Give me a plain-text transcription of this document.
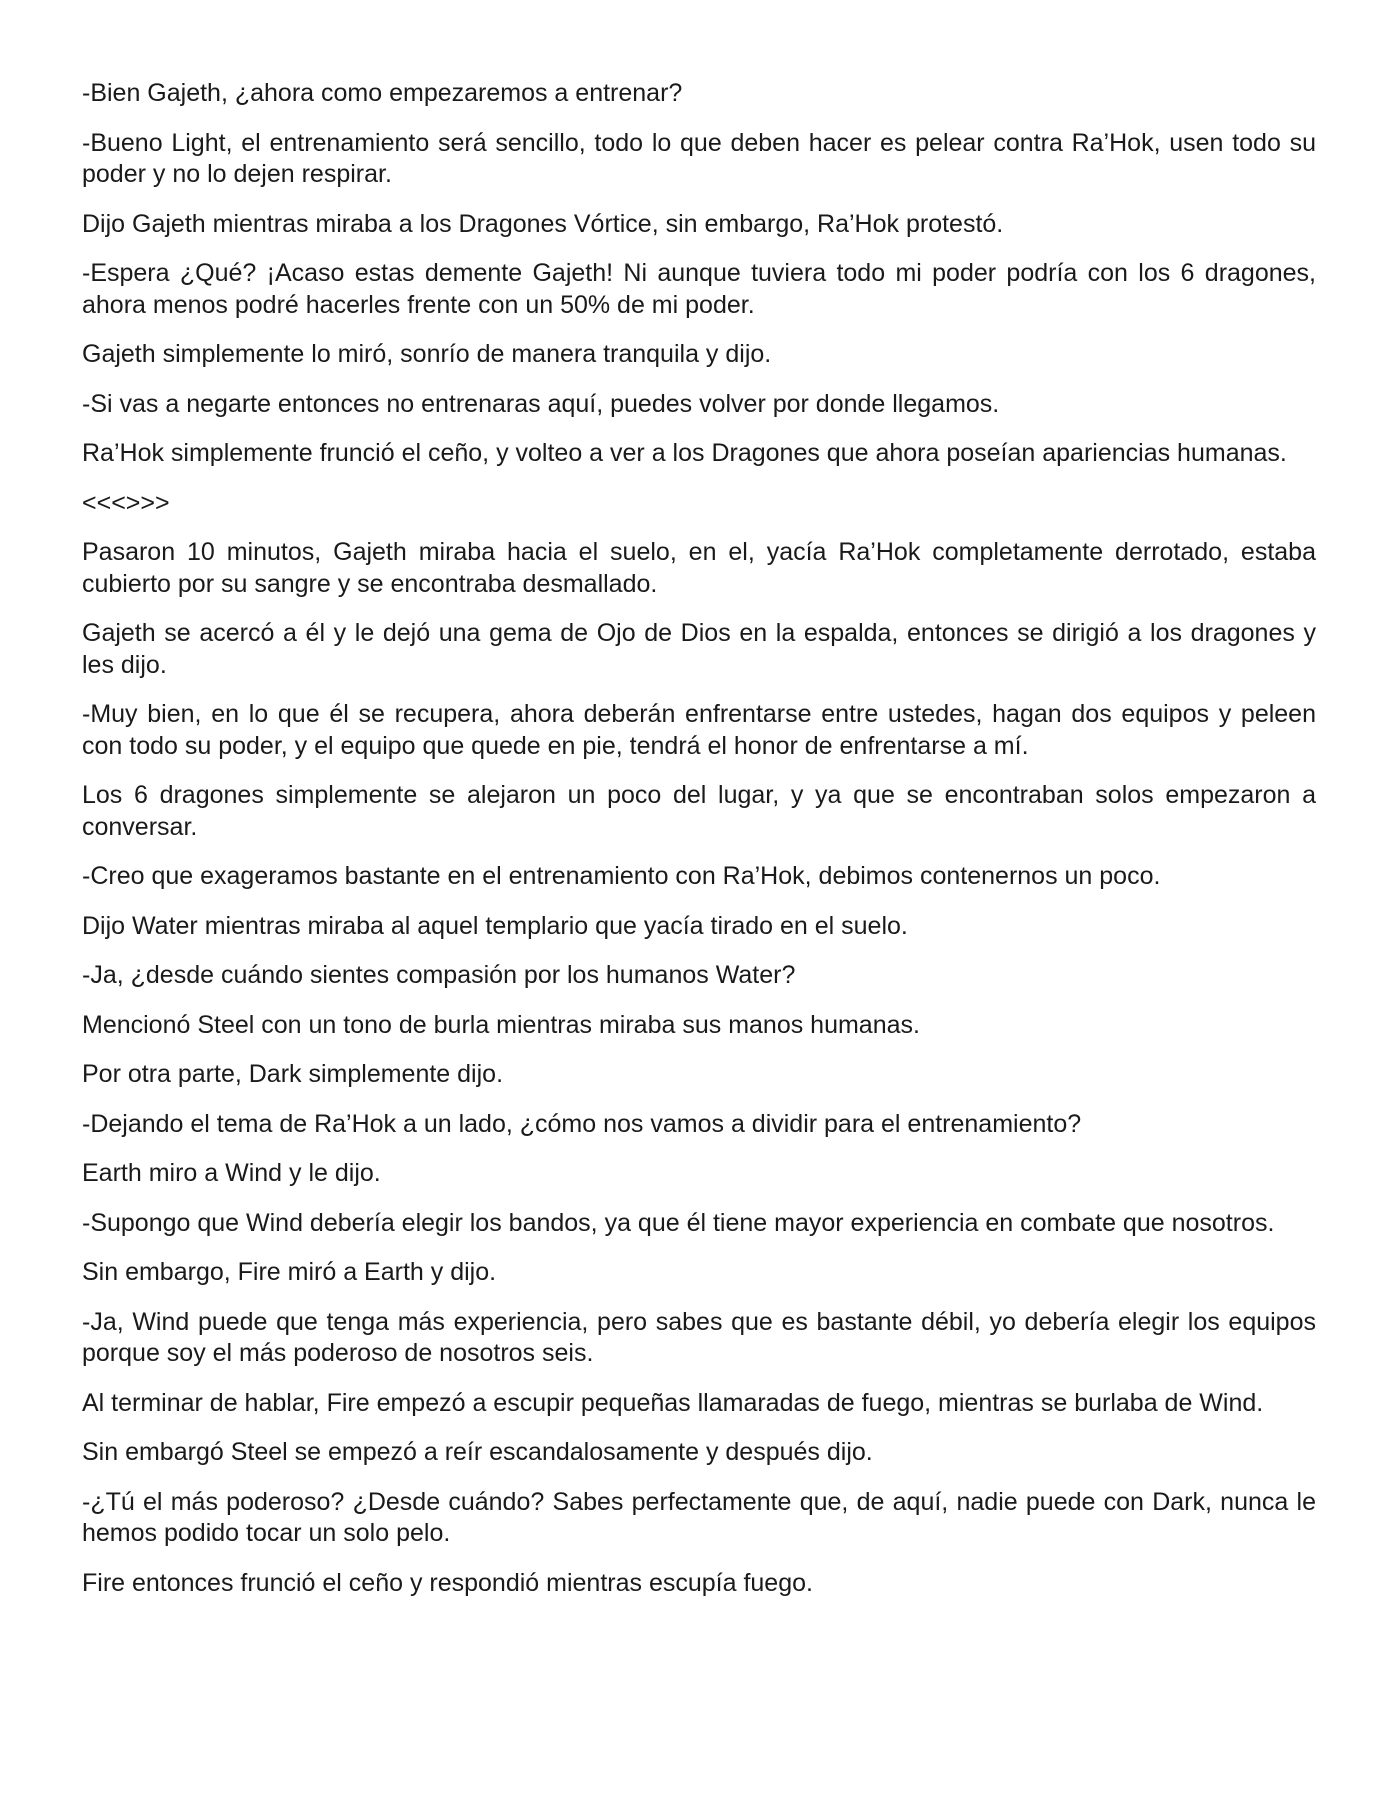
-Bien Gajeth, ¿ahora como empezaremos a entrenar?

-Bueno Light, el entrenamiento será sencillo, todo lo que deben hacer es pelear contra Ra’Hok, usen todo su poder y no lo dejen respirar.

Dijo Gajeth mientras miraba a los Dragones Vórtice, sin embargo, Ra’Hok protestó.

-Espera ¿Qué? ¡Acaso estas demente Gajeth! Ni aunque tuviera todo mi poder podría con los 6 dragones, ahora menos podré hacerles frente con un 50% de mi poder.

Gajeth simplemente lo miró, sonrío de manera tranquila y dijo.

-Si vas a negarte entonces no entrenaras aquí, puedes volver por donde llegamos.

Ra’Hok simplemente frunció el ceño, y volteo a ver a los Dragones que ahora poseían apariencias humanas.

<<<>>>

Pasaron 10 minutos, Gajeth miraba hacia el suelo, en el, yacía Ra’Hok completamente derrotado, estaba cubierto por su sangre y se encontraba desmallado.

Gajeth se acercó a él y le dejó una gema de Ojo de Dios en la espalda, entonces se dirigió a los dragones y les dijo.

-Muy bien, en lo que él se recupera, ahora deberán enfrentarse entre ustedes, hagan dos equipos y peleen con todo su poder, y el equipo que quede en pie, tendrá el honor de enfrentarse a mí.

Los 6 dragones simplemente se alejaron un poco del lugar, y ya que se encontraban solos empezaron a conversar.

-Creo que exageramos bastante en el entrenamiento con Ra’Hok, debimos contenernos un poco.

Dijo Water mientras miraba al aquel templario que yacía tirado en el suelo.

-Ja, ¿desde cuándo sientes compasión por los humanos Water?

Mencionó Steel con un tono de burla mientras miraba sus manos humanas.

Por otra parte, Dark simplemente dijo.

-Dejando el tema de Ra’Hok a un lado, ¿cómo nos vamos a dividir para el entrenamiento?

Earth miro a Wind y le dijo.

-Supongo que Wind debería elegir los bandos, ya que él tiene mayor experiencia en combate que nosotros.

Sin embargo, Fire miró a Earth y dijo.

-Ja, Wind puede que tenga más experiencia, pero sabes que es bastante débil, yo debería elegir los equipos porque soy el más poderoso de nosotros seis.

Al terminar de hablar, Fire empezó a escupir pequeñas llamaradas de fuego, mientras se burlaba de Wind.

Sin embargó Steel se empezó a reír escandalosamente y después dijo.

-¿Tú el más poderoso? ¿Desde cuándo? Sabes perfectamente que, de aquí, nadie puede con Dark, nunca le hemos podido tocar un solo pelo.

Fire entonces frunció el ceño y respondió mientras escupía fuego.
